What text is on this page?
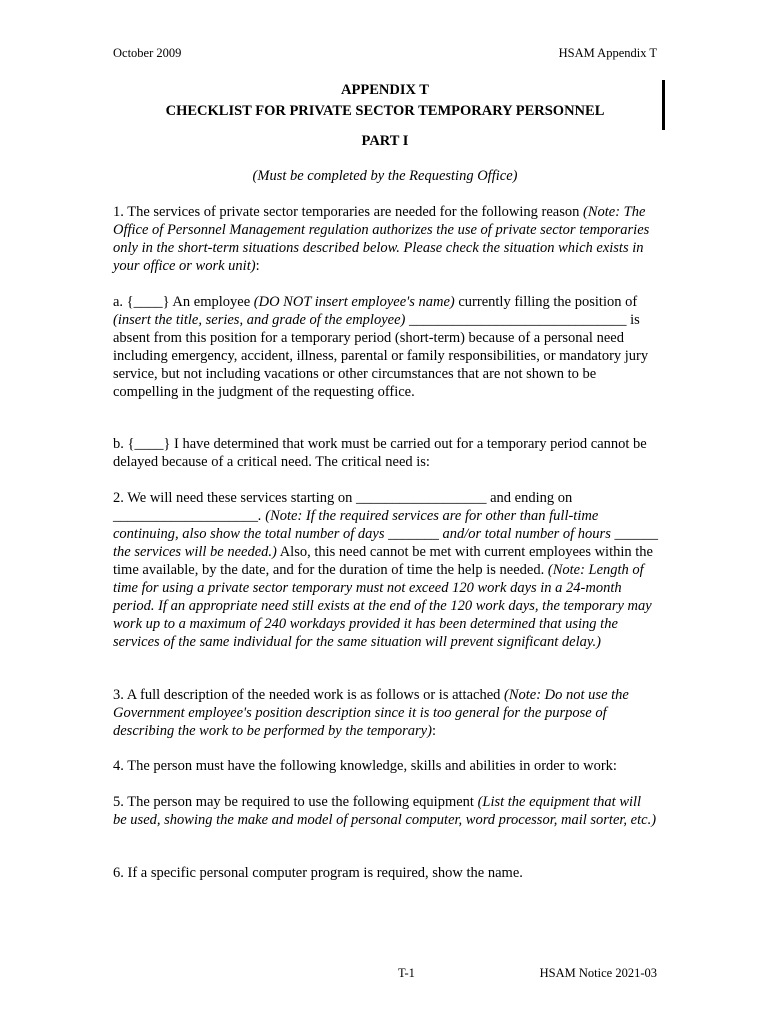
October 2009	HSAM Appendix T
APPENDIX T
CHECKLIST FOR PRIVATE SECTOR TEMPORARY PERSONNEL
PART I
(Must be completed by the Requesting Office)
1. The services of private sector temporaries are needed for the following reason (Note: The Office of Personnel Management regulation authorizes the use of private sector temporaries only in the short-term situations described below. Please check the situation which exists in your office or work unit):
a. {____} An employee (DO NOT insert employee's name) currently filling the position of (insert the title, series, and grade of the employee) ______________________________ is absent from this position for a temporary period (short-term) because of a personal need including emergency, accident, illness, parental or family responsibilities, or mandatory jury service, but not including vacations or other circumstances that are not shown to be compelling in the judgment of the requesting office.
b. {____} I have determined that work must be carried out for a temporary period cannot be delayed because of a critical need. The critical need is:
2. We will need these services starting on __________________ and ending on ____________________. (Note: If the required services are for other than full-time continuing, also show the total number of days _______ and/or total number of hours ______ the services will be needed.) Also, this need cannot be met with current employees within the time available, by the date, and for the duration of time the help is needed. (Note: Length of time for using a private sector temporary must not exceed 120 work days in a 24-month period. If an appropriate need still exists at the end of the 120 work days, the temporary may work up to a maximum of 240 workdays provided it has been determined that using the services of the same individual for the same situation will prevent significant delay.)
3. A full description of the needed work is as follows or is attached (Note: Do not use the Government employee's position description since it is too general for the purpose of describing the work to be performed by the temporary):
4. The person must have the following knowledge, skills and abilities in order to work:
5. The person may be required to use the following equipment (List the equipment that will be used, showing the make and model of personal computer, word processor, mail sorter, etc.)
6. If a specific personal computer program is required, show the name.
T-1	HSAM Notice 2021-03
